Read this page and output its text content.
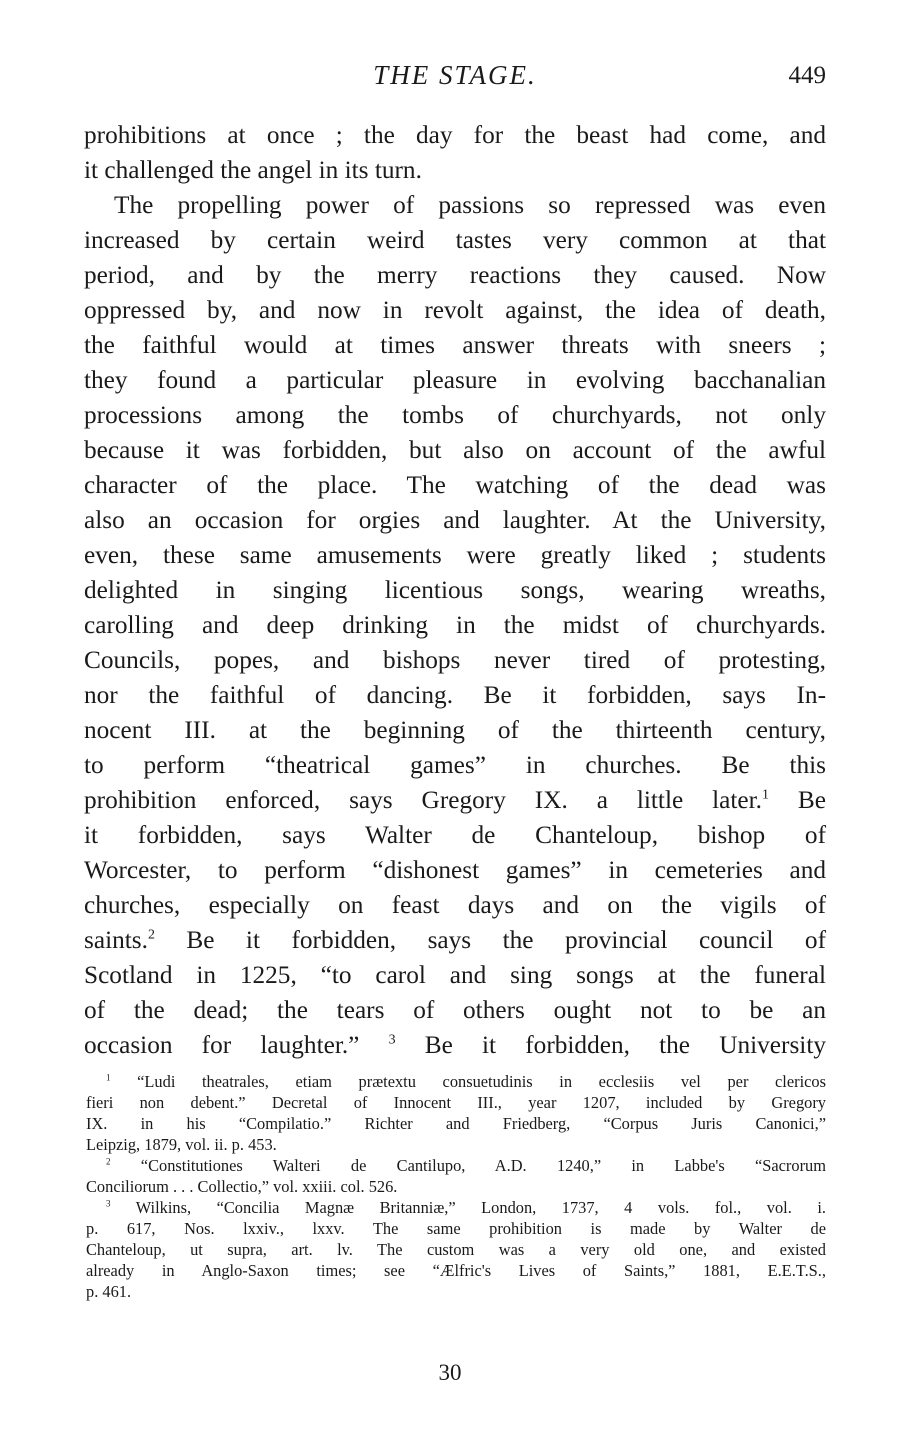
THE STAGE.	449
prohibitions at once ; the day for the beast had come, and
it challenged the angel in its turn.
The propelling power of passions so repressed was even
increased by certain weird tastes very common at that
period, and by the merry reactions they caused. Now
oppressed by, and now in revolt against, the idea of death,
the faithful would at times answer threats with sneers ;
they found a particular pleasure in evolving bacchanalian
processions among the tombs of churchyards, not only
because it was forbidden, but also on account of the awful
character of the place. The watching of the dead was
also an occasion for orgies and laughter. At the University,
even, these same amusements were greatly liked ; students
delighted in singing licentious songs, wearing wreaths,
carolling and deep drinking in the midst of churchyards.
Councils, popes, and bishops never tired of protesting,
nor the faithful of dancing. Be it forbidden, says In-
nocent III. at the beginning of the thirteenth century,
to perform “theatrical games” in churches. Be this
prohibition enforced, says Gregory IX. a little later.$^1$ Be
it forbidden, says Walter de Chanteloup, bishop of
Worcester, to perform “dishonest games” in cemeteries and
churches, especially on feast days and on the vigils of
saints.$^2$ Be it forbidden, says the provincial council of
Scotland in 1225, “to carol and sing songs at the funeral
of the dead; the tears of others ought not to be an
occasion for laughter.” $^3$ Be it forbidden, the University
$^1$ “Ludi theatrales, etiam prætextu consuetudinis in ecclesiis vel per clericos
fieri non debent.” Decretal of Innocent III., year 1207, included by Gregory
IX. in his “Compilatio.” Richter and Friedberg, “Corpus Juris Canonici,”
Leipzig, 1879, vol. ii. p. 453.
$^2$ “Constitutiones Walteri de Cantilupo, A.D. 1240,” in Labbe's “Sacrorum
Conciliorum . . . Collectio,” vol. xxiii. col. 526.
$^3$ Wilkins, “Concilia Magnæ Britanniæ,” London, 1737, 4 vols. fol., vol. i.
p. 617, Nos. lxxiv., lxxv. The same prohibition is made by Walter de
Chanteloup, ut supra, art. lv. The custom was a very old one, and existed
already in Anglo-Saxon times; see “Ælfric's Lives of Saints,” 1881, E.E.T.S.,
p. 461.
30
